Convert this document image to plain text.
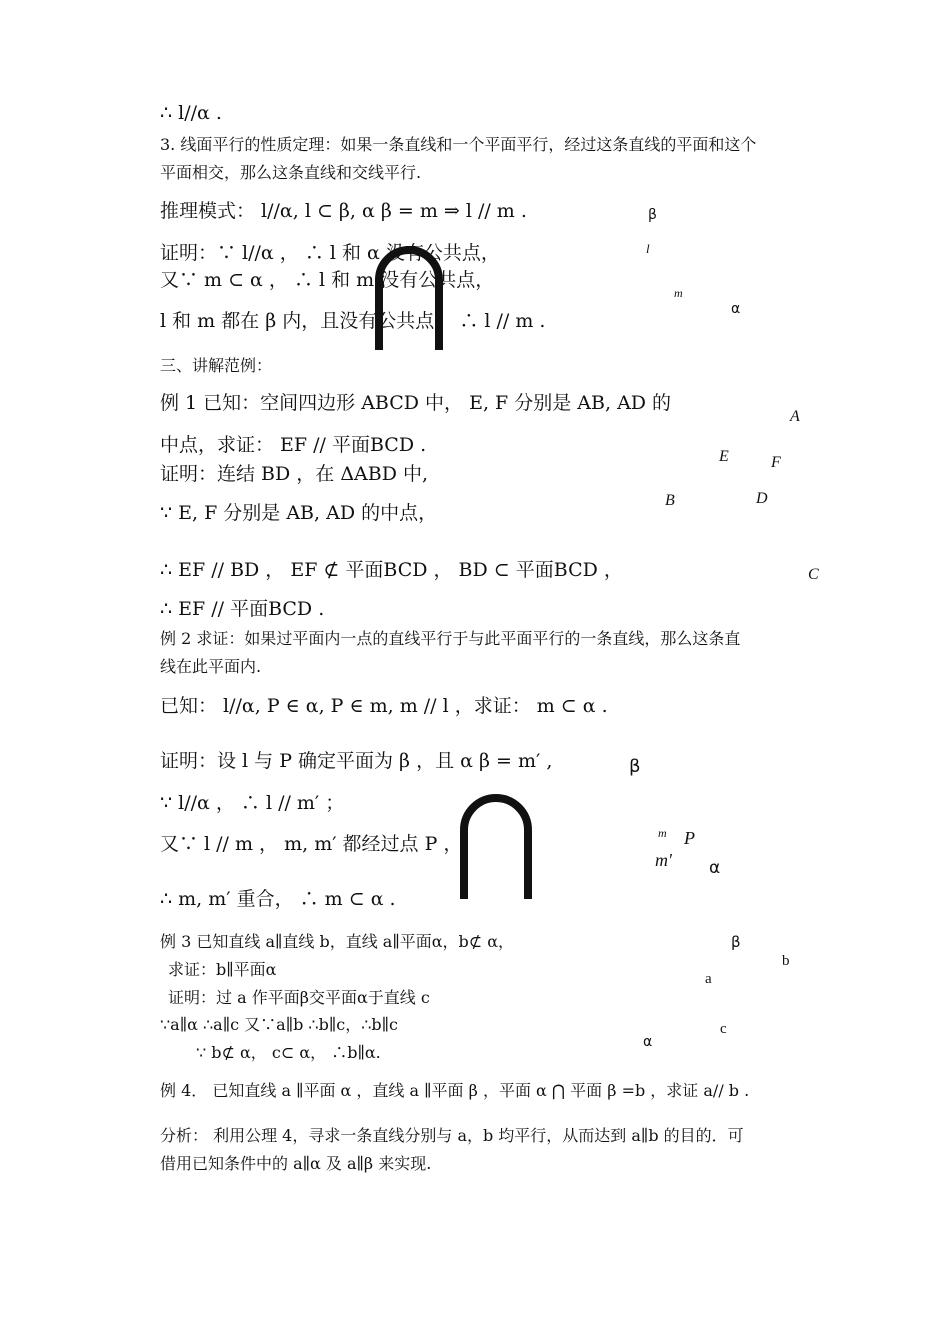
∴ l//α .
3. 线面平行的性质定理：如果一条直线和一个平面平行，经过这条直线的平面和这个
平面相交，那么这条直线和交线平行.
推理模式： l//α, l ⊂ β, α β = m ⇒ l // m .
证明：∵ l//α ， ∴ l 和 α 没有公共点，
又∵ m ⊂ α ， ∴ l 和 m 没有公共点，
l 和 m 都在 β 内，且没有公共点， ∴ l // m .
三、讲解范例：
例 1 已知：空间四边形 ABCD 中， E, F 分别是 AB, AD 的
中点，求证： EF // 平面BCD .
证明：连结 BD ，在 ΔABD 中,
∵ E, F 分别是 AB, AD 的中点，
∴ EF // BD ， EF ⊄ 平面BCD ， BD ⊂ 平面BCD ，
∴ EF // 平面BCD .
例 2 求证：如果过平面内一点的直线平行于与此平面平行的一条直线，那么这条直
线在此平面内.
已知： l//α, P ∈ α, P ∈ m, m // l ，求证： m ⊂ α .
证明：设 l 与 P 确定平面为 β ，且 α β = m′ ,
∵ l//α ， ∴ l // m′ ；
又∵ l // m ， m, m′ 都经过点 P ，
∴ m, m′ 重合， ∴ m ⊂ α .
例 3 已知直线 a∥直线 b，直线 a∥平面α，b⊄ α，
求证：b∥平面α
证明：过 a 作平面β交平面α于直线 c
∵a∥α ∴a∥c 又∵a∥b ∴b∥c，∴b∥c
∵ b⊄ α， c⊂ α， ∴b∥α.
例 4． 已知直线 a ∥平面 α ，直线 a ∥平面 β ，平面 α ⋂ 平面 β =b ，求证 a// b .
分析： 利用公理 4，寻求一条直线分别与 a，b 均平行，从而达到 a∥b 的目的．可
借用已知条件中的 a∥α 及 a∥β 来实现.
β
l
m
α
A
E	F
B	D
C
β
m P
m′ α
β
b
a
c
α
